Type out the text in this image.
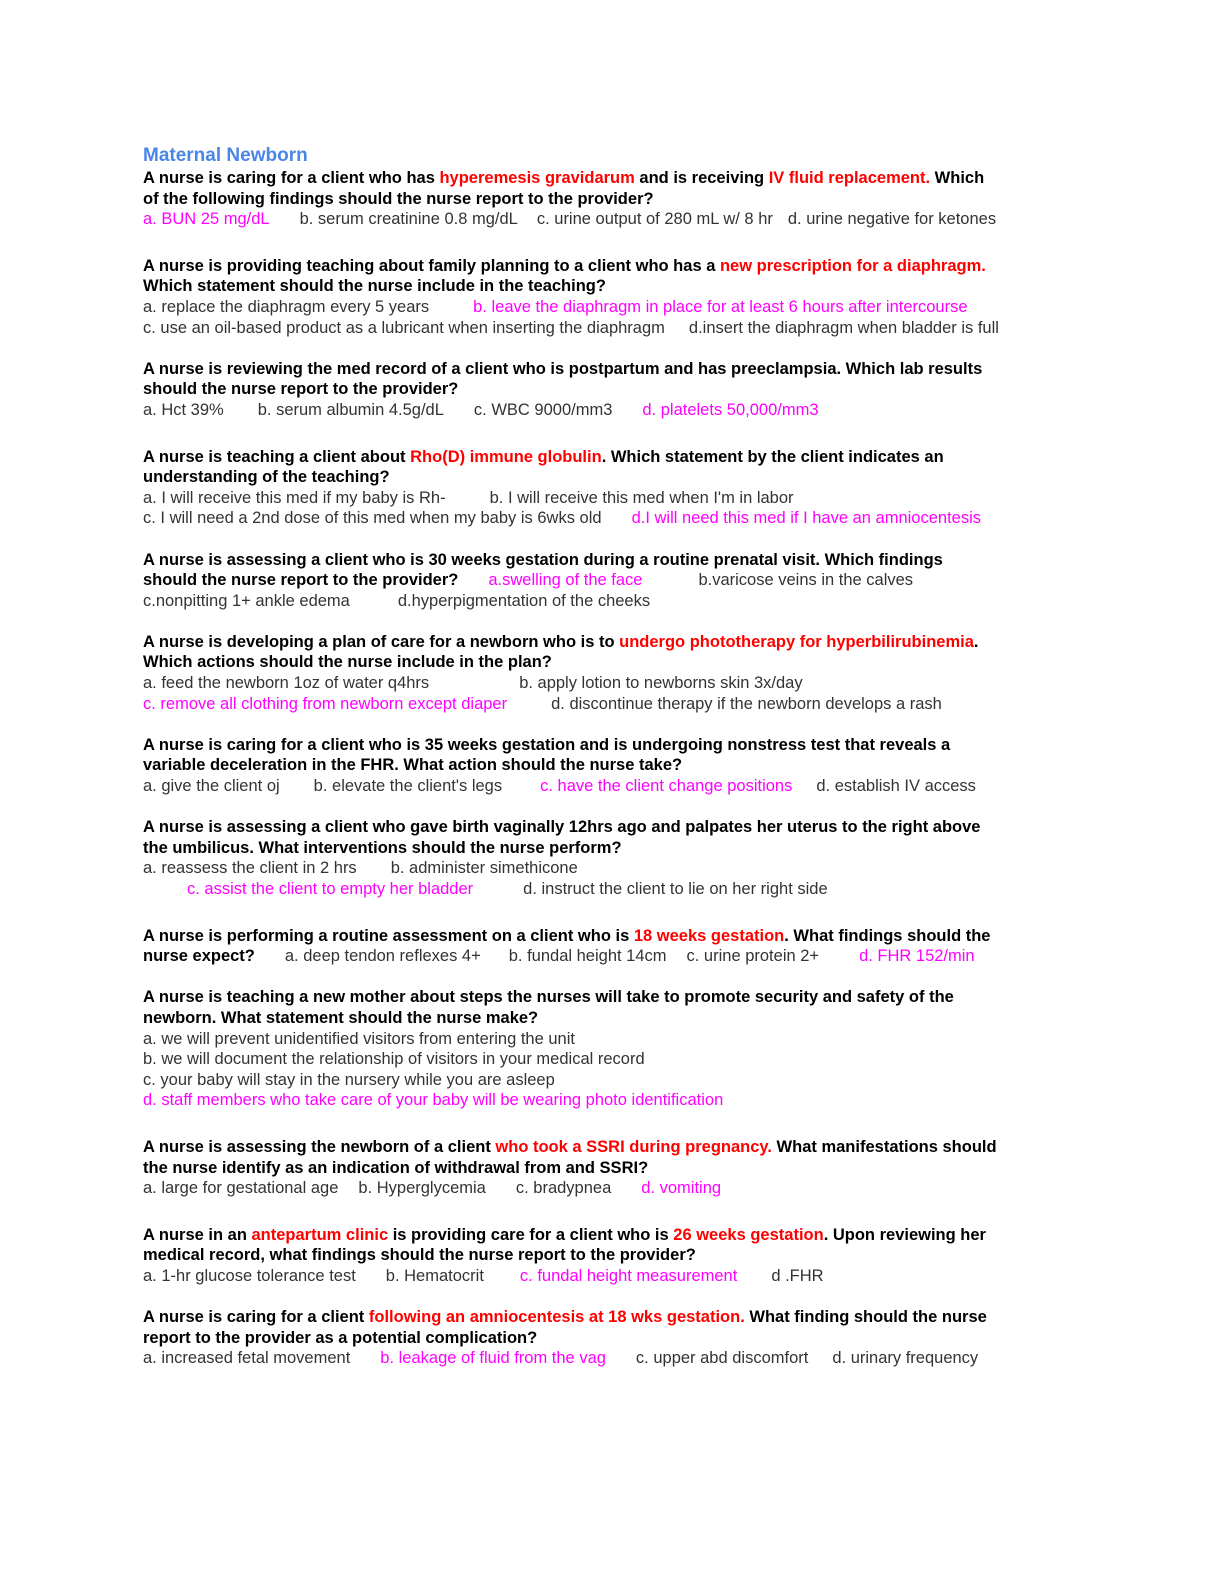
Maternal Newborn
A nurse is caring for a client who has hyperemesis gravidarum and is receiving IV fluid replacement. Which
of the following findings should the nurse report to the provider?
a. BUN 25 mg/dL b. serum creatinine 0.8 mg/dL c. urine output of 280 mL w/ 8 hr d. urine negative for ketones
A nurse is providing teaching about family planning to a client who has a new prescription for a diaphragm.
Which statement should the nurse include in the teaching?
a. replace the diaphragm every 5 years	b. leave the diaphragm in place for at least 6 hours after intercourse
c. use an oil-based product as a lubricant when inserting the diaphragm d.insert the diaphragm when bladder is full
A nurse is reviewing the med record of a client who is postpartum and has preeclampsia. Which lab results
should the nurse report to the provider?
a. Hct 39% b. serum albumin 4.5g/dL c. WBC 9000/mm3 d. platelets 50,000/mm3
A nurse is teaching a client about Rho(D) immune globulin. Which statement by the client indicates an
understanding of the teaching?
a. I will receive this med if my baby is Rh-	b. I will receive this med when I'm in labor
c. I will need a 2nd dose of this med when my baby is 6wks old d.I will need this med if I have an amniocentesis
A nurse is assessing a client who is 30 weeks gestation during a routine prenatal visit. Which findings
should the nurse report to the provider? a.swelling of the face	b.varicose veins in the calves
c.nonpitting 1+ ankle edema	d.hyperpigmentation of the cheeks
A nurse is developing a plan of care for a newborn who is to undergo phototherapy for hyperbilirubinemia.
Which actions should the nurse include in the plan?
a. feed the newborn 1oz of water q4hrs	b. apply lotion to newborns skin 3x/day
c. remove all clothing from newborn except diaper	d. discontinue therapy if the newborn develops a rash
A nurse is caring for a client who is 35 weeks gestation and is undergoing nonstress test that reveals a
variable deceleration in the FHR. What action should the nurse take?
a. give the client oj b. elevate the client's legs c. have the client change positions d. establish IV access
A nurse is assessing a client who gave birth vaginally 12hrs ago and palpates her uterus to the right above
the umbilicus. What interventions should the nurse perform?
a. reassess the client in 2 hrs b. administer simethicone
c. assist the client to empty her bladder	d. instruct the client to lie on her right side
A nurse is performing a routine assessment on a client who is 18 weeks gestation. What findings should the
nurse expect? a. deep tendon reflexes 4+ b. fundal height 14cm c. urine protein 2+ d. FHR 152/min
A nurse is teaching a new mother about steps the nurses will take to promote security and safety of the
newborn. What statement should the nurse make?
a. we will prevent unidentified visitors from entering the unit
b. we will document the relationship of visitors in your medical record
c. your baby will stay in the nursery while you are asleep
d. staff members who take care of your baby will be wearing photo identification
A nurse is assessing the newborn of a client who took a SSRI during pregnancy. What manifestations should
the nurse identify as an indication of withdrawal from and SSRI?
a. large for gestational age b. Hyperglycemia c. bradypnea d. vomiting
A nurse in an antepartum clinic is providing care for a client who is 26 weeks gestation. Upon reviewing her
medical record, what findings should the nurse report to the provider?
a. 1-hr glucose tolerance test b. Hematocrit c. fundal height measurement d .FHR
A nurse is caring for a client following an amniocentesis at 18 wks gestation. What finding should the nurse
report to the provider as a potential complication?
a. increased fetal movement b. leakage of fluid from the vag c. upper abd discomfort d. urinary frequency
